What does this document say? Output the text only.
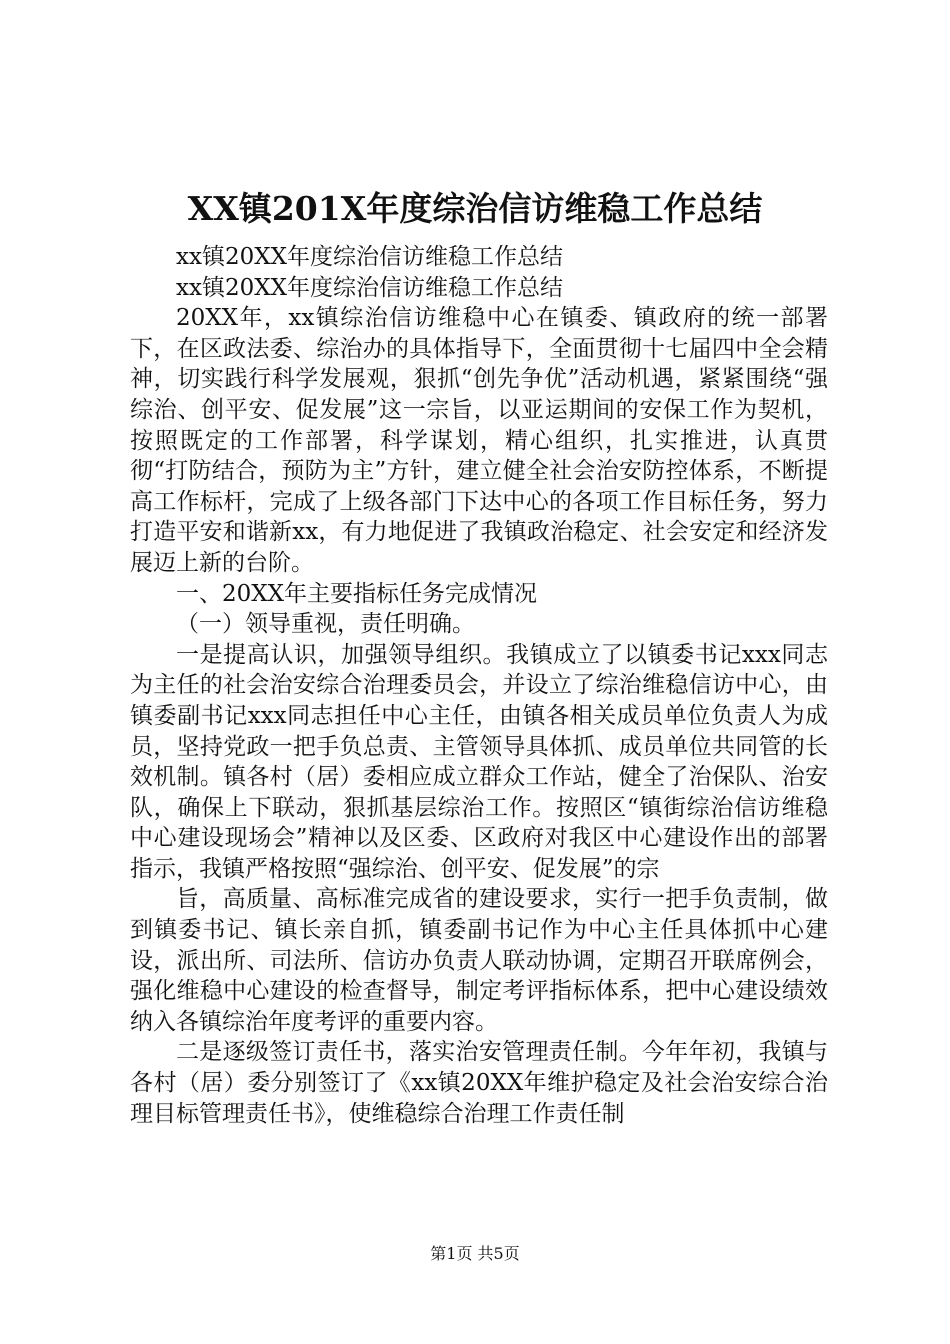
XX镇201X年度综治信访维稳工作总结

xx镇20XX年度综治信访维稳工作总结

xx镇20XX年度综治信访维稳工作总结

20XX年，xx镇综治信访维稳中心在镇委、镇政府的统一部署下，在区政法委、综治办的具体指导下，全面贯彻十七届四中全会精神，切实践行科学发展观，狠抓“创先争优”活动机遇，紧紧围绕“强综治、创平安、促发展”这一宗旨，以亚运期间的安保工作为契机，按照既定的工作部署，科学谋划，精心组织，扎实推进，认真贯彻“打防结合，预防为主”方针，建立健全社会治安防控体系，不断提高工作标杆，完成了上级各部门下达中心的各项工作目标任务，努力打造平安和谐新xx，有力地促进了我镇政治稳定、社会安定和经济发展迈上新的台阶。

一、20XX年主要指标任务完成情况

（一）领导重视，责任明确。

一是提高认识，加强领导组织。我镇成立了以镇委书记xxx同志为主任的社会治安综合治理委员会，并设立了综治维稳信访中心，由镇委副书记xxx同志担任中心主任，由镇各相关成员单位负责人为成员，坚持党政一把手负总责、主管领导具体抓、成员单位共同管的长效机制。镇各村（居）委相应成立群众工作站，健全了治保队、治安队，确保上下联动，狠抓基层综治工作。按照区“镇街综治信访维稳中心建设现场会”精神以及区委、区政府对我区中心建设作出的部署指示，我镇严格按照“强综治、创平安、促发展”的宗

旨，高质量、高标准完成省的建设要求，实行一把手负责制，做到镇委书记、镇长亲自抓，镇委副书记作为中心主任具体抓中心建设，派出所、司法所、信访办负责人联动协调，定期召开联席例会，强化维稳中心建设的检查督导，制定考评指标体系，把中心建设绩效纳入各镇综治年度考评的重要内容。

二是逐级签订责任书，落实治安管理责任制。今年年初，我镇与各村（居）委分别签订了《xx镇20XX年维护稳定及社会治安综合治理目标管理责任书》，使维稳综合治理工作责任制

第1页 共5页
